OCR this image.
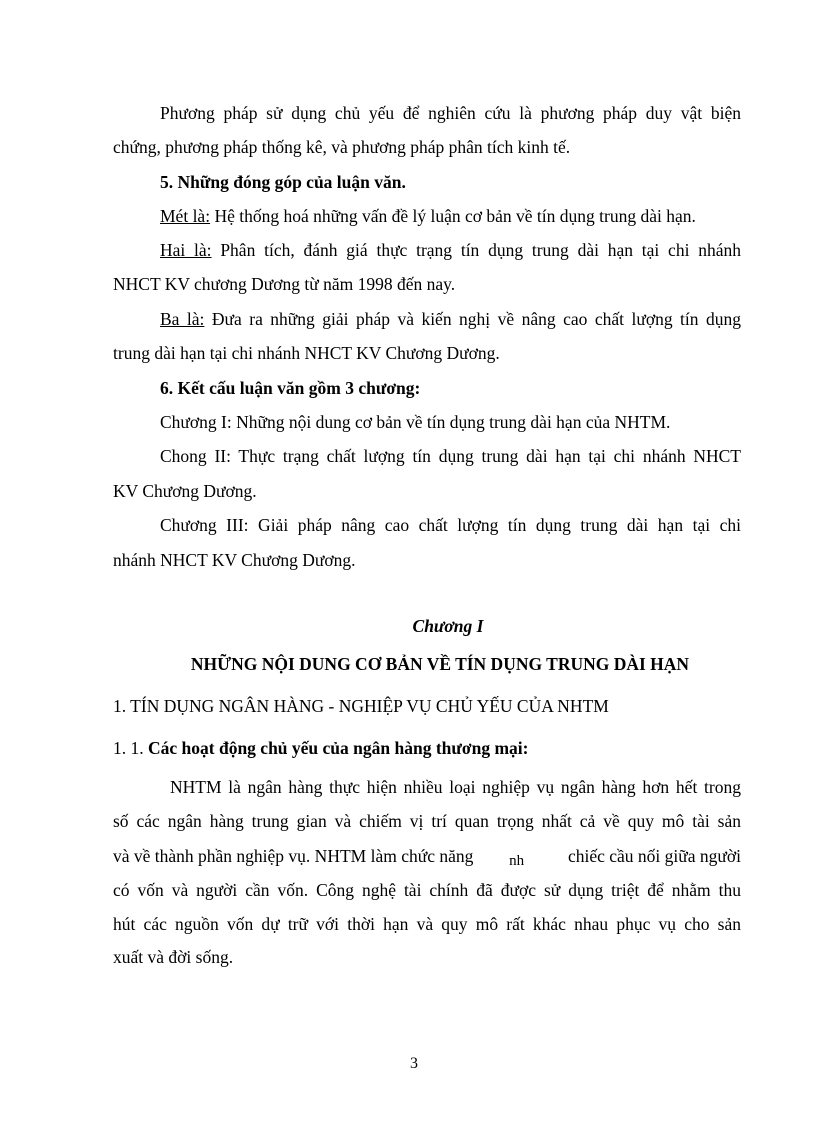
Phương pháp sử dụng chủ yếu để nghiên cứu là phương pháp duy vật biện
chứng, phương pháp thống kê, và phương pháp phân tích kinh tế.
5. Những đóng góp của luận văn.
Mét là: Hệ thống hoá những vấn đề lý luận cơ bản về tín dụng trung dài hạn.
Hai là: Phân tích, đánh giá thực trạng tín dụng trung dài hạn tại chi nhánh
NHCT KV chương Dương từ năm 1998 đến nay.
Ba là: Đưa ra những giải pháp và kiến nghị về nâng cao chất lượng tín dụng
trung dài hạn tại chi nhánh NHCT KV Chương Dương.
6. Kết cấu luận văn gồm 3 chương:
Chương I: Những nội dung cơ bản về tín dụng trung dài hạn của NHTM.
Chong II: Thực trạng chất lượng tín dụng trung dài hạn tại chi nhánh NHCT
KV Chương Dương.
Chương III: Giải pháp nâng cao chất lượng tín dụng trung dài hạn tại chi
nhánh NHCT KV Chương Dương.
Chương I
NHỮNG NỘI DUNG CƠ BẢN VỀ TÍN DỤNG TRUNG DÀI HẠN
1. TÍN DỤNG NGÂN HÀNG - NGHIỆP VỤ CHỦ YẾU CỦA NHTM
1. 1. Các hoạt động chủ yếu của ngân hàng thương mại:
NHTM là ngân hàng thực hiện nhiều loại nghiệp vụ ngân hàng hơn hết trong
số các ngân hàng trung gian và chiếm vị trí quan trọng nhất cả về quy mô tài sản
và về thành phần nghiệp vụ. NHTM làm chức năng nh	chiếc cầu nối giữa người
có vốn và người cần vốn. Công nghệ tài chính đã được sử dụng triệt để nhằm thu
hút các nguồn vốn dự trữ với thời hạn và quy mô rất khác nhau phục vụ cho sản
xuất và đời sống.
3
